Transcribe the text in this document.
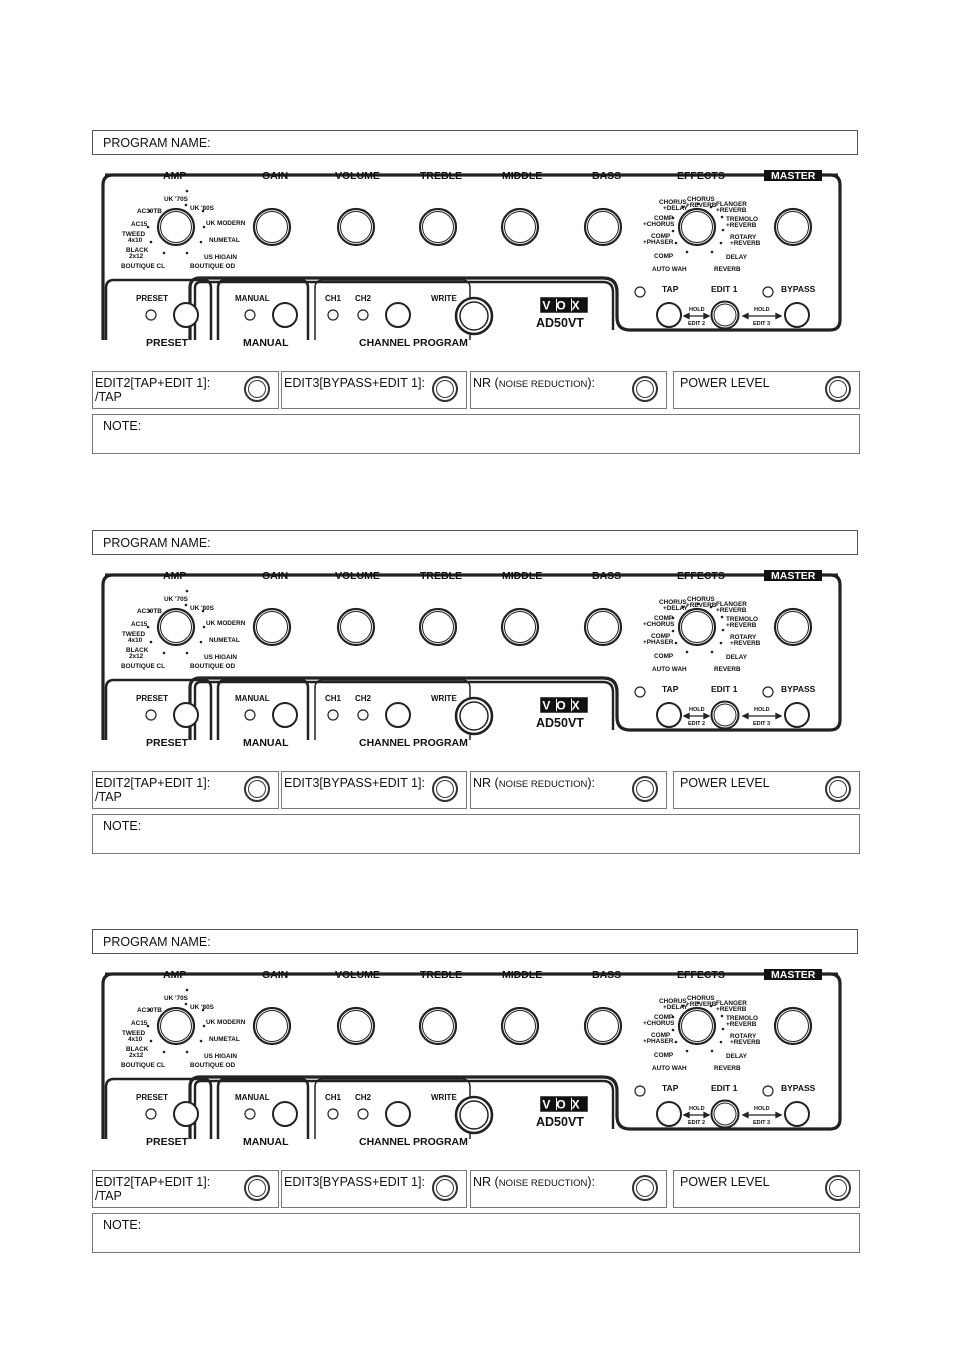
PROGRAM NAME:
AMP	GAIN	VOLUME	TREBLE	MIDDLE	BASS	EFFECTS	MASTER
AC30TB
AC15
TWEED
4x10
BLACK
2x12
BOUTIQUE CL
UK '70S
UK '80S
UK MODERN
NUMETAL
US HIGAIN
BOUTIQUE OD
CHORUS
+DELAY
COMP
+CHORUS
COMP
+PHASER
COMP
AUTO WAH
CHORUS
+REVERB FLANGER
+REVERB
TREMOLO
+REVERB
ROTARY
+REVERB
DELAY
REVERB
PRESET
PRESET
MANUAL
MANUAL
CH1 CH2	WRITE
CHANNEL PROGRAM
TAP	EDIT 1	BYPASS
HOLD
EDIT 2
HOLD
EDIT 3
VOX
AD50VT
EDIT2[TAP+EDIT 1]:
/TAP
EDIT3[BYPASS+EDIT 1]:	NR (NOISE REDUCTION):	POWER LEVEL
NOTE:
PROGRAM NAME:
AMP	GAIN	VOLUME	TREBLE	MIDDLE	BASS	EFFECTS	MASTER
AC30TB
AC15
TWEED
4x10
BLACK
2x12
BOUTIQUE CL
UK '70S
UK '80S
UK MODERN
NUMETAL
US HIGAIN
BOUTIQUE OD
CHORUS
+DELAY
COMP
+CHORUS
COMP
+PHASER
COMP
AUTO WAH
CHORUS
+REVERB FLANGER
+REVERB
TREMOLO
+REVERB
ROTARY
+REVERB
DELAY
REVERB
PRESET
PRESET
MANUAL
MANUAL
CH1 CH2	WRITE
CHANNEL PROGRAM
TAP	EDIT 1	BYPASS
HOLD
EDIT 2
HOLD
EDIT 3
VOX
AD50VT
EDIT2[TAP+EDIT 1]:
/TAP
EDIT3[BYPASS+EDIT 1]:	NR (NOISE REDUCTION):	POWER LEVEL
NOTE:
PROGRAM NAME:
AMP	GAIN	VOLUME	TREBLE	MIDDLE	BASS	EFFECTS	MASTER
AC30TB
AC15
TWEED
4x10
BLACK
2x12
BOUTIQUE CL
UK '70S
UK '80S
UK MODERN
NUMETAL
US HIGAIN
BOUTIQUE OD
CHORUS
+DELAY
COMP
+CHORUS
COMP
+PHASER
COMP
AUTO WAH
CHORUS
+REVERB FLANGER
+REVERB
TREMOLO
+REVERB
ROTARY
+REVERB
DELAY
REVERB
PRESET
PRESET
MANUAL
MANUAL
CH1 CH2	WRITE
CHANNEL PROGRAM
TAP	EDIT 1	BYPASS
HOLD
EDIT 2
HOLD
EDIT 3
VOX
AD50VT
EDIT2[TAP+EDIT 1]:
/TAP
EDIT3[BYPASS+EDIT 1]:	NR (NOISE REDUCTION):	POWER LEVEL
NOTE:
